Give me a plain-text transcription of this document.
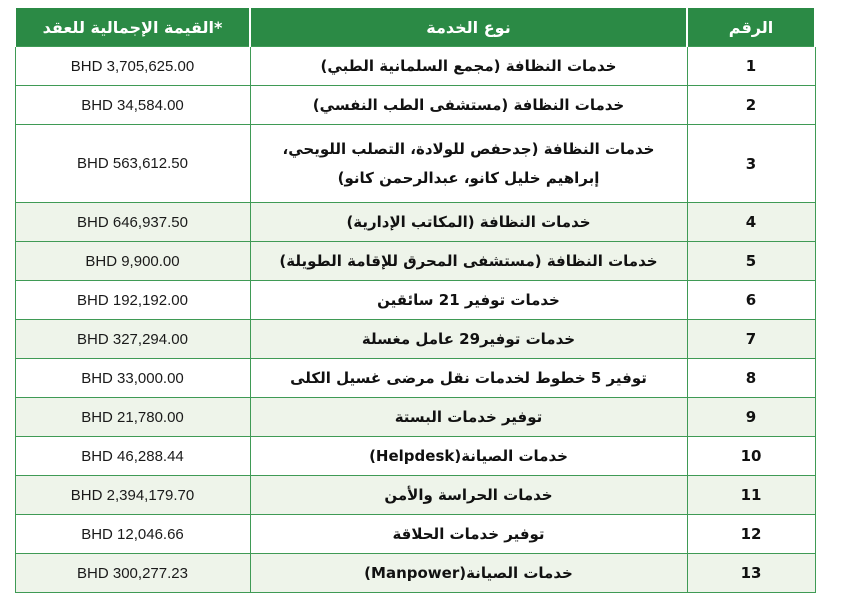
الرقم	نوع الخدمة	*القيمة الإجمالية للعقد
1	خدمات النظافة (مجمع السلمانية الطبي)	BHD 3,705,625.00
2	خدمات النظافة (مستشفى الطب النفسي)	BHD 34,584.00
3	خدمات النظافة (جدحفص للولادة، التصلب اللويحي، إبراهيم خليل كانو، عبدالرحمن كانو)	BHD 563,612.50
4	خدمات النظافة (المكاتب الإدارية)	BHD 646,937.50
5	خدمات النظافة (مستشفى المحرق للإقامة الطويلة)	BHD 9,900.00
6	خدمات توفير 21 سائقين	BHD 192,192.00
7	خدمات توفير29 عامل مغسلة	BHD 327,294.00
8	توفير 5 خطوط لخدمات نقل مرضى غسيل الكلى	BHD 33,000.00
9	توفير خدمات البستة	BHD 21,780.00
10	خدمات الصيانة(Helpdesk)	BHD 46,288.44
11	خدمات الحراسة والأمن	BHD 2,394,179.70
12	توفير خدمات الحلاقة	BHD 12,046.66
13	خدمات الصيانة(Manpower)	BHD 300,277.23
